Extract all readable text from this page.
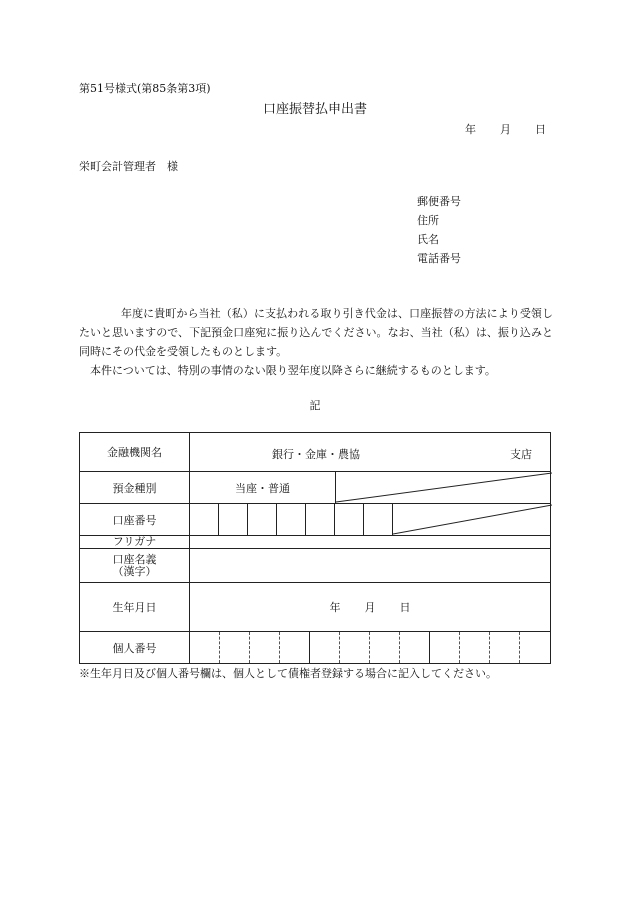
第51号様式(第85条第3項)
口座振替払申出書
年 月 日
栄町会計管理者　様
郵便番号
住所
氏名
電話番号

年度に貴町から当社（私）に支払われる取り引き代金は、口座振替の方法により受領したいと思いますので、下記預金口座宛に振り込んでください。なお、当社（私）は、振り込みと同時にその代金を受領したものとします。

本件については、特別の事情のない限り翌年度以降さらに継続するものとします。

記
金融機関名	銀行・金庫・農協 支店

預金種別	当座・普通

口座番号	

フリガナ	

口座名義
（漢字）	

生年月日	年 月 日
個人番号	
※生年月日及び個人番号欄は、個人として債権者登録する場合に記入してください。
